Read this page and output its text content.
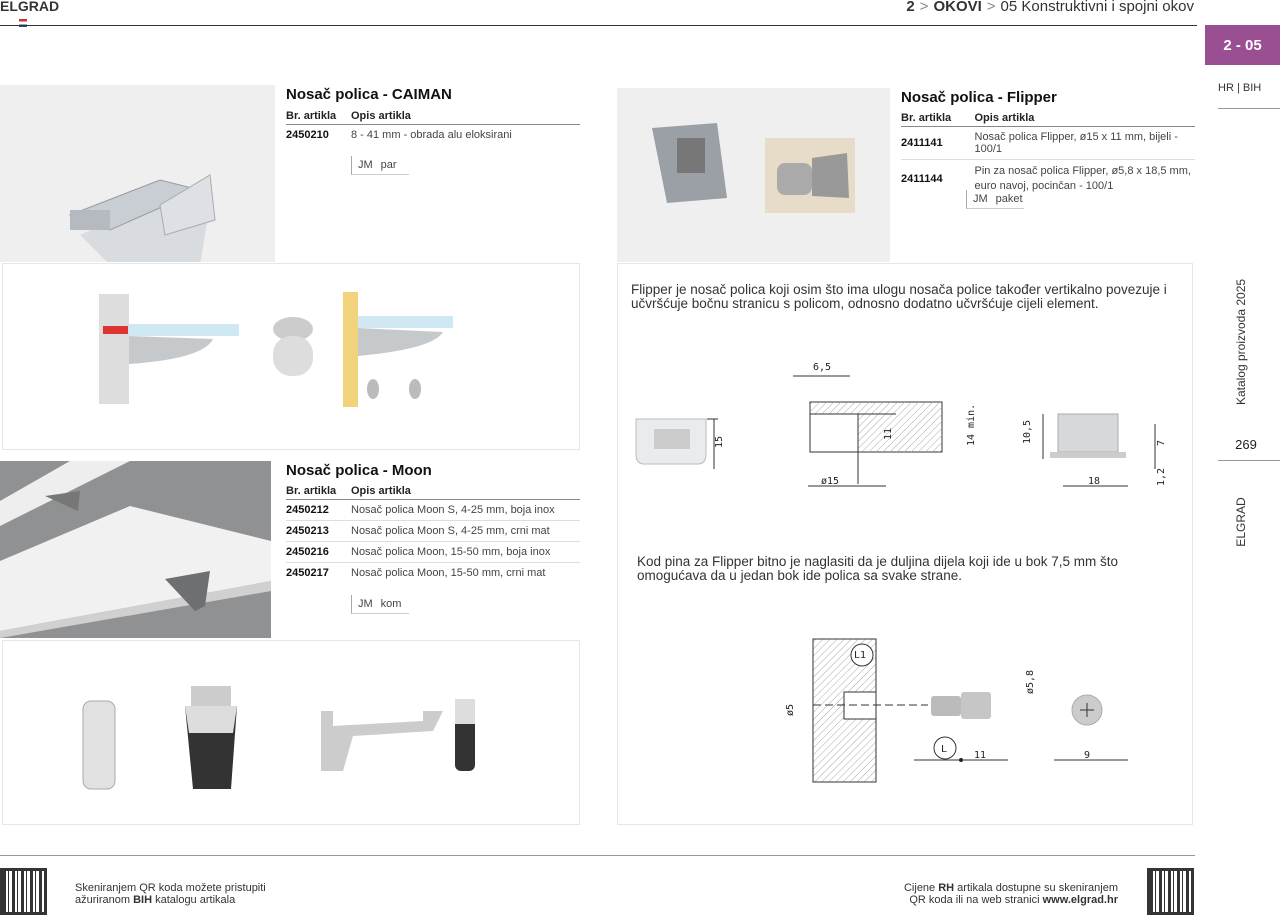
ELGRAD	2 > OKOVI > 05 Konstruktivni i spojni okov
2 - 05
HR | BIH
Katalog proizvoda 2025
269
ELGRAD
Nosač polica - CAIMAN
Br. artikla	Opis artikla
2450210	8 - 41 mm - obrada alu eloksirani
JM par
Nosač polica - Moon
Br. artikla	Opis artikla
2450212	Nosač polica Moon S, 4-25 mm, boja inox
2450213	Nosač polica Moon S, 4-25 mm, crni mat
2450216	Nosač polica Moon, 15-50 mm, boja inox
2450217	Nosač polica Moon, 15-50 mm, crni mat
JM kom
Nosač polica - Flipper
Br. artikla	Opis artikla
2411141	Nosač polica Flipper, ø15 x 11 mm, bijeli - 100/1
2411144	Pin za nosač polica Flipper, ø5,8 x 18,5 mm, euro navoj, pocinčan - 100/1
JM paket
Flipper je nosač polica koji osim što ima ulogu nosača police također vertikalno povezuje i učvršćuje bočnu stranicu s policom, odnosno dodatno učvršćuje cijeli element.
Kod pina za Flipper bitno je naglasiti da je duljina dijela koji ide u bok 7,5 mm što omogućava da u jedan bok ide polica sa svake strane.
15
6,5
11	14 min.
ø15
10,5	7
18	1,2
L1
ø5
ø5,8
L
11	9
Skeniranjem QR koda možete pristupiti
ažuriranom BIH katalogu artikala
Cijene RH artikala dostupne su skeniranjem
QR koda ili na web stranici www.elgrad.hr
